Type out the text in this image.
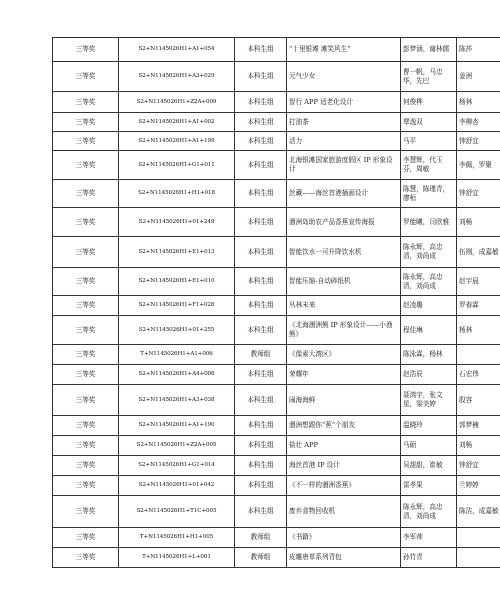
三等奖	S2+N1145026H1+A1+054	本科生组	“十里银滩 滩笑风生”	彭梦涵，谢林儒	陈莎
三等奖	S2+N1145026H1+A3+029	本科生组	元气少女	曹一帆，马忠华，先巴	姜洲
三等奖	S2+N1145026H1+Z2A+009	本科生组	智行 APP 适老化设计	何俊桦	杨林
三等奖	S2+N1145026H1+A1+002	本科生组	打油茶	覃逸双	李柳杏
三等奖	S2+N1145026H1+A1+199	本科生组	活力	马平	钟舒宜
三等奖	S2+N1145026H1+G1+011	本科生组	北海银滩国家旅游度假区 IP 形象设计	李慧辉，代玉芬，周敏	李佩，罗聚
三等奖	S2+N1145026H1+H1+018	本科生组	丝藏——海丝首港插画设计	陈慧，陈瑾青，廖桓	钟舒宜
三等奖	S2+N1145026H1+01+249	本科生组	涠洲岛助农产品香蕉宣传海报	罗能曦，闫欣雅	刘畅
三等奖	S2+N1145026H1+E1+013	本科生组	智能饮水一可升降饮水机	陈永辉，高忠清，刘尚成	伍刚，成嘉敏
三等奖	S2+N1145026H1+E1+010	本科生组	智能压缩-自动碎纸机	陈永辉，高忠清，刘尚成	赵宇晨
三等奖	S2+N1145026H1+F1+028	本科生组	丛林未来	赵凌璐	罗春霖
三等奖	S2+N1145026H1+01+255	本科生组	《北海涠洲熊 IP 形象设计——小渔熊》	程佳琳	杨林
三等奖	T+N1145026H1+A1+006	教师组	《像素大湾区》	陈泳霖，杨林	
三等奖	S2+N1145026H1+A4+008	本科生组	荣耀年	赵浩辰	石宏伟
三等奖	S2+N1145026H1+A3+038	本科生组	闹海海鲜	聂鸿宇，张文星，梁美婷	殷容
三等奖	S2+N1145026H1+A1+190	本科生组	涠洲想跟你“蕉”个朋友	温晓玲	郭梦楠
三等奖	S2+N1145026H1+Z2A+005	本科生组	盐壮 APP	马硕	刘畅
三等奖	S2+N1145026H1+G1+014	本科生组	海丝首港 IP 设计	吴甜甜，崔敏	钟舒宜
三等奖	S2+N1145026H1+01+042	本科生组	《不一样的涠洲香蕉》	雷孝果	兰婷婷
三等奖	S2+N1145026H1+T1C+005	本科生组	废弃食物回收机	陈永辉，高忠清，刘尚成	陈洁，成嘉敏
三等奖	T+N1145026H1+H1+005	教师组	《书籍》	李军帅	
三等奖	T+N1145026H1+L+001	教师组	皮雕唐草系列背包	孙竹青	
